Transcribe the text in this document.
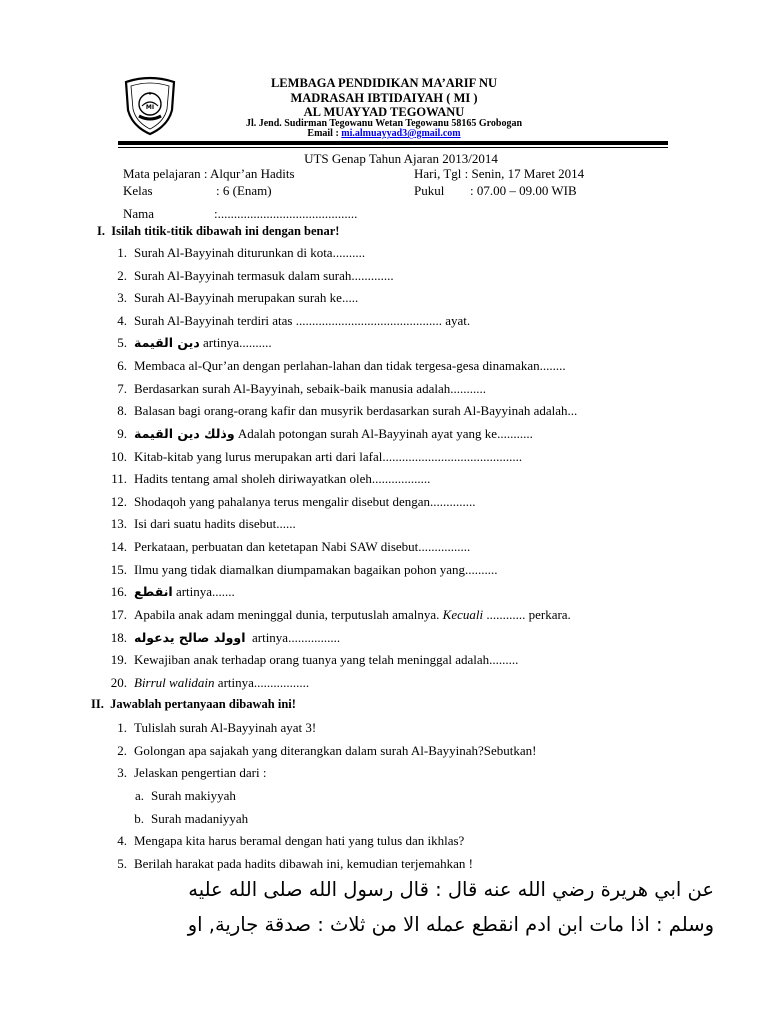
★
MI
LEMBAGA PENDIDIKAN MA’ARIF NU
MADRASAH IBTIDAIYAH ( MI )
AL MUAYYAD TEGOWANU
Jl. Jend. Sudirman Tegowanu Wetan Tegowanu 58165 Grobogan
Email : mi.almuayyad3@gmail.com
UTS Genap Tahun Ajaran 2013/2014
Mata pelajaran : Alqur’an Hadits	Hari, Tgl : Senin, 17 Maret 2014
Kelas	: 6 (Enam)	Pukul : 07.00 – 09.00 WIB
Nama	:...........................................
I. Isilah titik-titik dibawah ini dengan benar!
1. Surah Al-Bayyinah diturunkan di kota..........
2. Surah Al-Bayyinah termasuk dalam surah.............
3. Surah Al-Bayyinah merupakan surah ke.....
4. Surah Al-Bayyinah terdiri atas ............................................. ayat.
5. دين القيمة artinya..........
6. Membaca al-Qur’an dengan perlahan-lahan dan tidak tergesa-gesa dinamakan........
7. Berdasarkan surah Al-Bayyinah, sebaik-baik manusia adalah...........
8. Balasan bagi orang-orang kafir dan musyrik berdasarkan surah Al-Bayyinah adalah...
9. وذلك دين القيمة Adalah potongan surah Al-Bayyinah ayat yang ke...........
10. Kitab-kitab yang lurus merupakan arti dari lafal...........................................
11. Hadits tentang amal sholeh diriwayatkan oleh..................
12. Shodaqoh yang pahalanya terus mengalir disebut dengan..............
13. Isi dari suatu hadits disebut......
14. Perkataan, perbuatan dan ketetapan Nabi SAW disebut................
15. Ilmu yang tidak diamalkan diumpamakan bagaikan pohon yang..........
16. انقطع artinya.......
17. Apabila anak adam meninggal dunia, terputuslah amalnya. Kecuali ............ perkara.
18. اوولد صالح يدعوله artinya................
19. Kewajiban anak terhadap orang tuanya yang telah meninggal adalah.........
20. Birrul walidain artinya.................
II. Jawablah pertanyaan dibawah ini!
1. Tulislah surah Al-Bayyinah ayat 3!
2. Golongan apa sajakah yang diterangkan dalam surah Al-Bayyinah?Sebutkan!
3. Jelaskan pengertian dari :
a. Surah makiyyah
b. Surah madaniyyah
4. Mengapa kita harus beramal dengan hati yang tulus dan ikhlas?
5. Berilah harakat pada hadits dibawah ini, kemudian terjemahkan !
عن ابي هريرة رضي الله عنه قال : قال رسول الله صلى الله عليه
وسلم : اذا مات ابن ادم انقطع عمله الا من ثلاث : صدقة جارية, او
